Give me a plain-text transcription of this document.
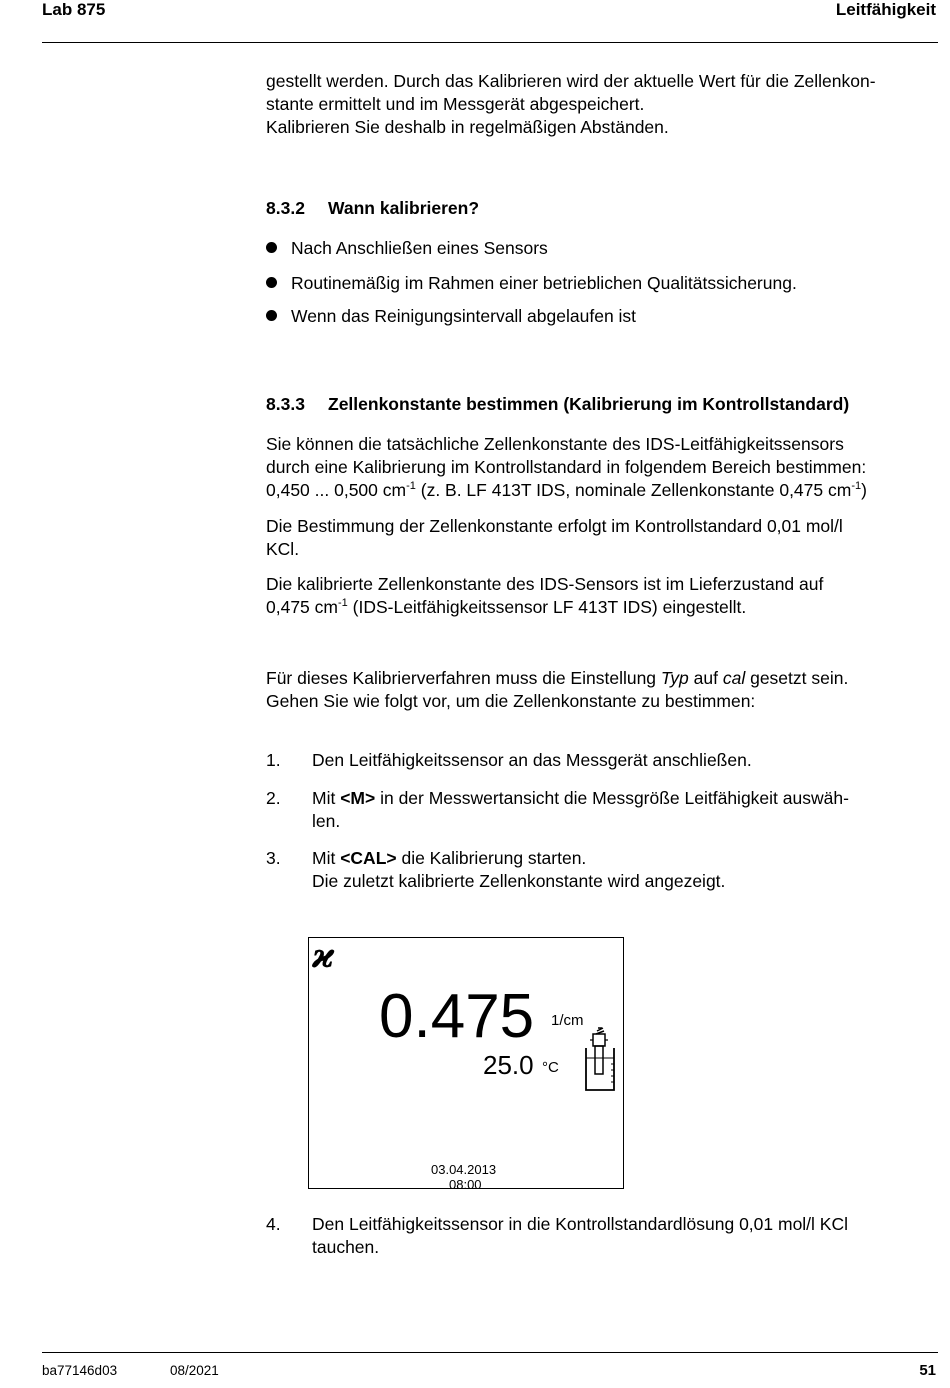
Lab 875	Leitfähigkeit
gestellt werden. Durch das Kalibrieren wird der aktuelle Wert für die Zellenkon-
stante ermittelt und im Messgerät abgespeichert.
Kalibrieren Sie deshalb in regelmäßigen Abständen.
8.3.2 Wann kalibrieren?
Nach Anschließen eines Sensors
Routinemäßig im Rahmen einer betrieblichen Qualitätssicherung.
Wenn das Reinigungsintervall abgelaufen ist
8.3.3 Zellenkonstante bestimmen (Kalibrierung im Kontrollstandard)
Sie können die tatsächliche Zellenkonstante des IDS-Leitfähigkeitssensors
durch eine Kalibrierung im Kontrollstandard in folgendem Bereich bestimmen:
0,450 ... 0,500 $cm^{-1}$ (z. B. LF 413T IDS, nominale Zellenkonstante 0,475 $cm^{-1}$)
Die Bestimmung der Zellenkonstante erfolgt im Kontrollstandard 0,01 mol/l
KCl.
Die kalibrierte Zellenkonstante des IDS-Sensors ist im Lieferzustand auf
0,475 $cm^{-1}$ (IDS-Leitfähigkeitssensor LF 413T IDS) eingestellt.
Für dieses Kalibrierverfahren muss die Einstellung Typ auf cal gesetzt sein.
Gehen Sie wie folgt vor, um die Zellenkonstante zu bestimmen:
1. Den Leitfähigkeitssensor an das Messgerät anschließen.
2. Mit <M> in der Messwertansicht die Messgröße Leitfähigkeit auswäh-
len.
3. Mit <CAL> die Kalibrierung starten.
Die zuletzt kalibrierte Zellenkonstante wird angezeigt.
ϰ
0.475 1/cm
25.0 °C
03.04.2013
08:00
4. Den Leitfähigkeitssensor in die Kontrollstandardlösung 0,01 mol/l KCl
tauchen.
ba77146d03	08/2021	51
